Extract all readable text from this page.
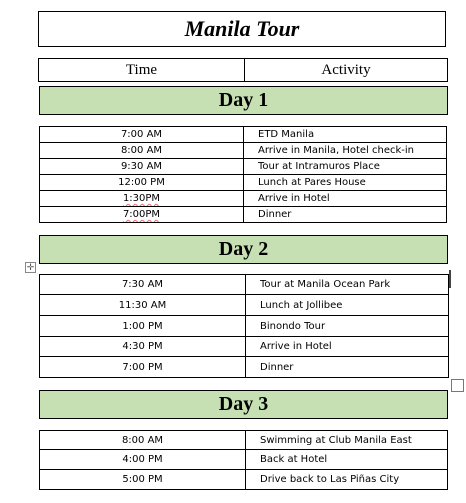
Manila Tour
Time	Activity
Day 1
7:00 AM	ETD Manila
8:00 AM	Arrive in Manila, Hotel check-in
9:30 AM	Tour at Intramuros Place
12:00 PM	Lunch at Pares House
1:30PM	Arrive in Hotel
7:00PM	Dinner
Day 2
✛
7:30 AM	Tour at Manila Ocean Park
11:30 AM	Lunch at Jollibee
1:00 PM	Binondo Tour
4:30 PM	Arrive in Hotel
7:00 PM	Dinner
Day 3
8:00 AM	Swimming at Club Manila East
4:00 PM	Back at Hotel
5:00 PM	Drive back to Las Piñas City
